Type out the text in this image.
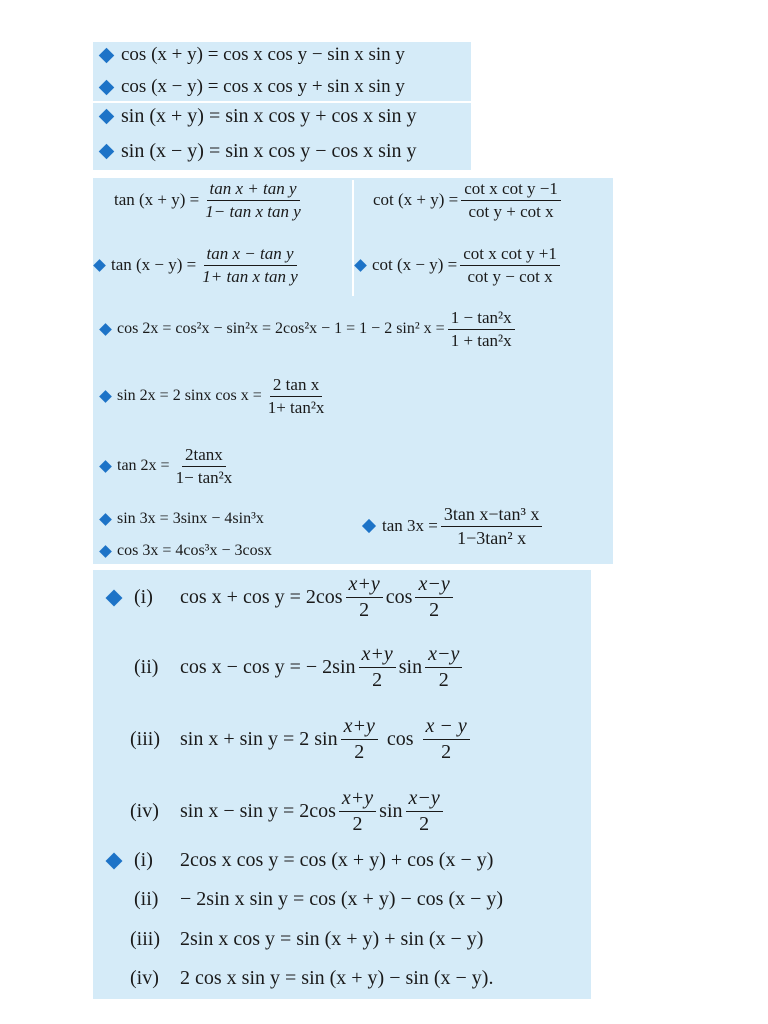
cos (x + y) = cos x cos y − sin x sin y
cos (x − y) = cos x cos y + sin x sin y
sin (x + y) = sin x cos y + cos x sin y
sin (x − y) = sin x cos y − cos x sin y
$\tan (x + y) = \frac{\text{tan x + tan y}}{\text{1− tan x tan y}}$	$\cot (x + y) = \frac{\text{cot x cot y −1}}{\text{cot y + cot x}}$
$\tan (x - y) = \frac{\text{tan x − tan y}}{\text{1+ tan x tan y}}$	$\cot (x - y) = \frac{\text{cot x cot y +1}}{\text{cot y − cot x}}$
cos 2x = cos²x − sin²x = 2cos²x − 1 = 1 − 2 sin² $x = \frac{\text{1 − tan²x}}{\text{1 + tan²x}}$
sin 2x = 2 sinx $\cos x = \frac{\text{2 tan x}}{\text{1+ tan²x}}$
$\tan 2x = \frac{2\tan x}{\text{1− tan²x}}$
sin 3x = 3sinx − 4sin³x
cos 3x = 4cos³x − 3cosx
$\tan 3x = \frac{\text{3tan x−tan³ x}}{\text{1−3tan² x}}$
(i)	$\cos x + \cos y = 2\cos \frac{x+y}{2}$ $\cos \frac{x-y}{2}$
(ii)	cos x − cos y = − $2\sin \frac{x+y}{2}$ $\sin \frac{x-y}{2}$
(iii)	sin x + sin y = 2 $\sin \frac{x+y}{2}$ $\cos \frac{x - y}{2}$
(iv)	$\sin x - \sin y = 2\cos \frac{x+y}{2}$ $\sin \frac{x-y}{2}$
(i)	2cos x cos y = cos (x + y) + cos (x − y)
(ii)	− 2sin x sin y = cos (x + y) − cos (x − y)
(iii)	2sin x cos y = sin (x + y) + sin (x − y)
(iv)	2 cos x sin y = sin (x + y) − sin (x − y).
